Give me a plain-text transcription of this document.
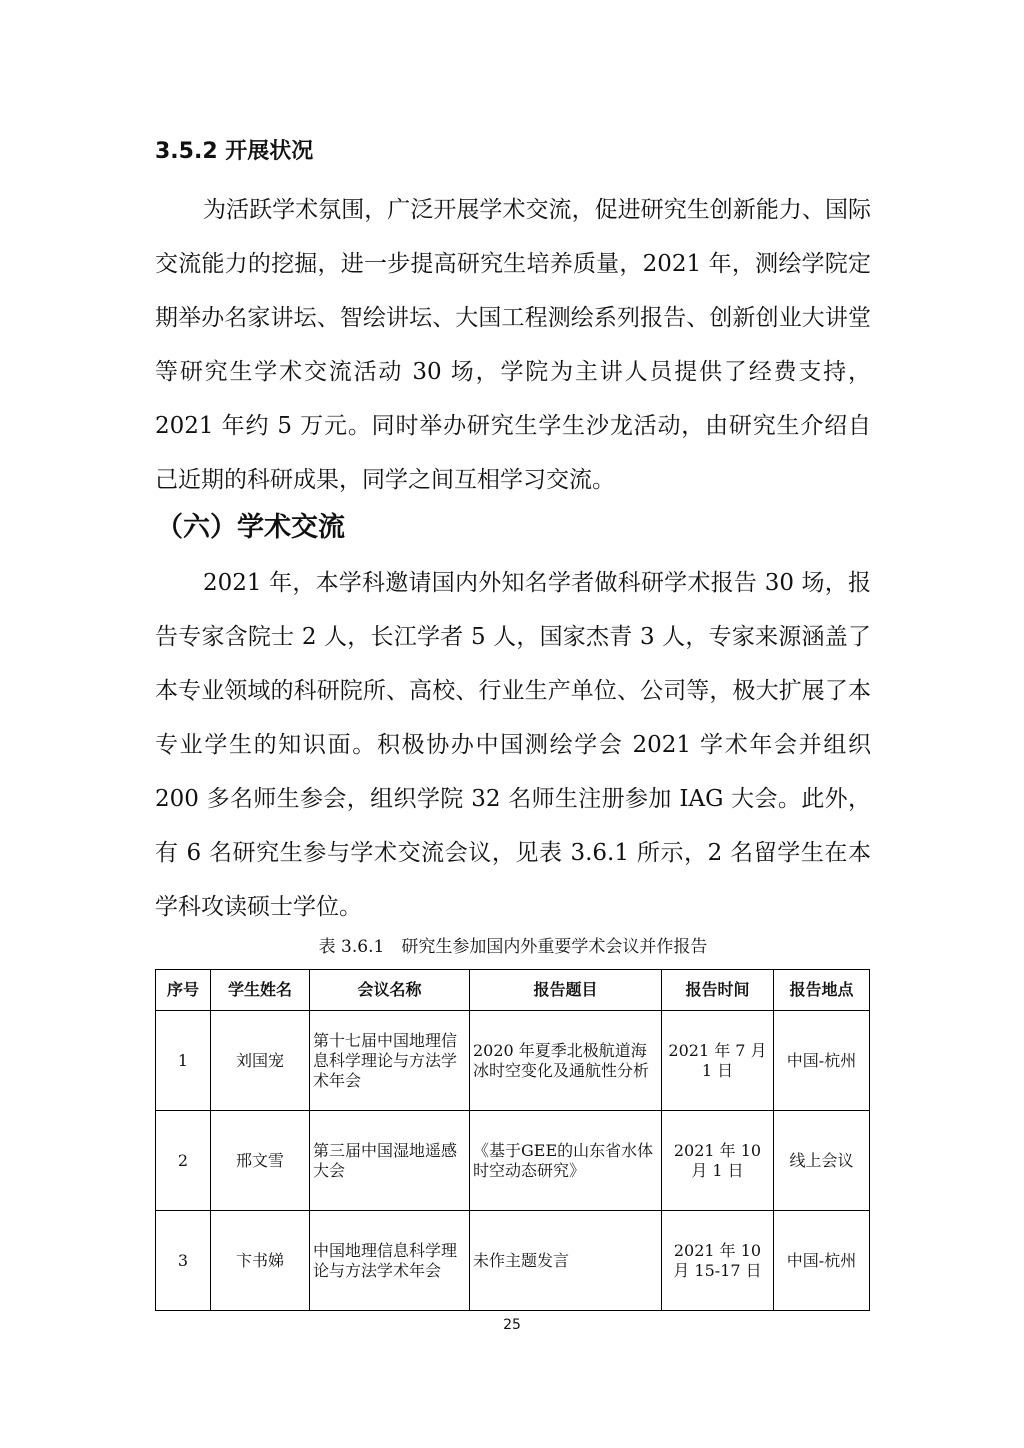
3.5.2 开展状况
为活跃学术氛围，广泛开展学术交流，促进研究生创新能力、国际交流能力的挖掘，进一步提高研究生培养质量，2021 年，测绘学院定期举办名家讲坛、智绘讲坛、大国工程测绘系列报告、创新创业大讲堂等研究生学术交流活动 30 场，学院为主讲人员提供了经费支持，2021 年约 5 万元。同时举办研究生学生沙龙活动，由研究生介绍自己近期的科研成果，同学之间互相学习交流。
（六）学术交流
2021 年，本学科邀请国内外知名学者做科研学术报告 30 场，报告专家含院士 2 人，长江学者 5 人，国家杰青 3 人，专家来源涵盖了本专业领域的科研院所、高校、行业生产单位、公司等，极大扩展了本专业学生的知识面。积极协办中国测绘学会 2021 学术年会并组织 200 多名师生参会，组织学院 32 名师生注册参加 IAG 大会。此外，有 6 名研究生参与学术交流会议，见表 3.6.1 所示，2 名留学生在本学科攻读硕士学位。
表 3.6.1　研究生参加国内外重要学术会议并作报告
序号	学生姓名	会议名称	报告题目	报告时间	报告地点
1	刘国宠	第十七届中国地理信息科学理论与方法学术年会	2020 年夏季北极航道海冰时空变化及通航性分析	2021 年 7 月 1 日	中国-杭州
2	邢文雪	第三届中国湿地遥感大会	《基于GEE的山东省水体时空动态研究》	2021 年 10 月 1 日	线上会议
3	卞书娣	中国地理信息科学理论与方法学术年会	未作主题发言	2021 年 10 月 15-17 日	中国-杭州
25
